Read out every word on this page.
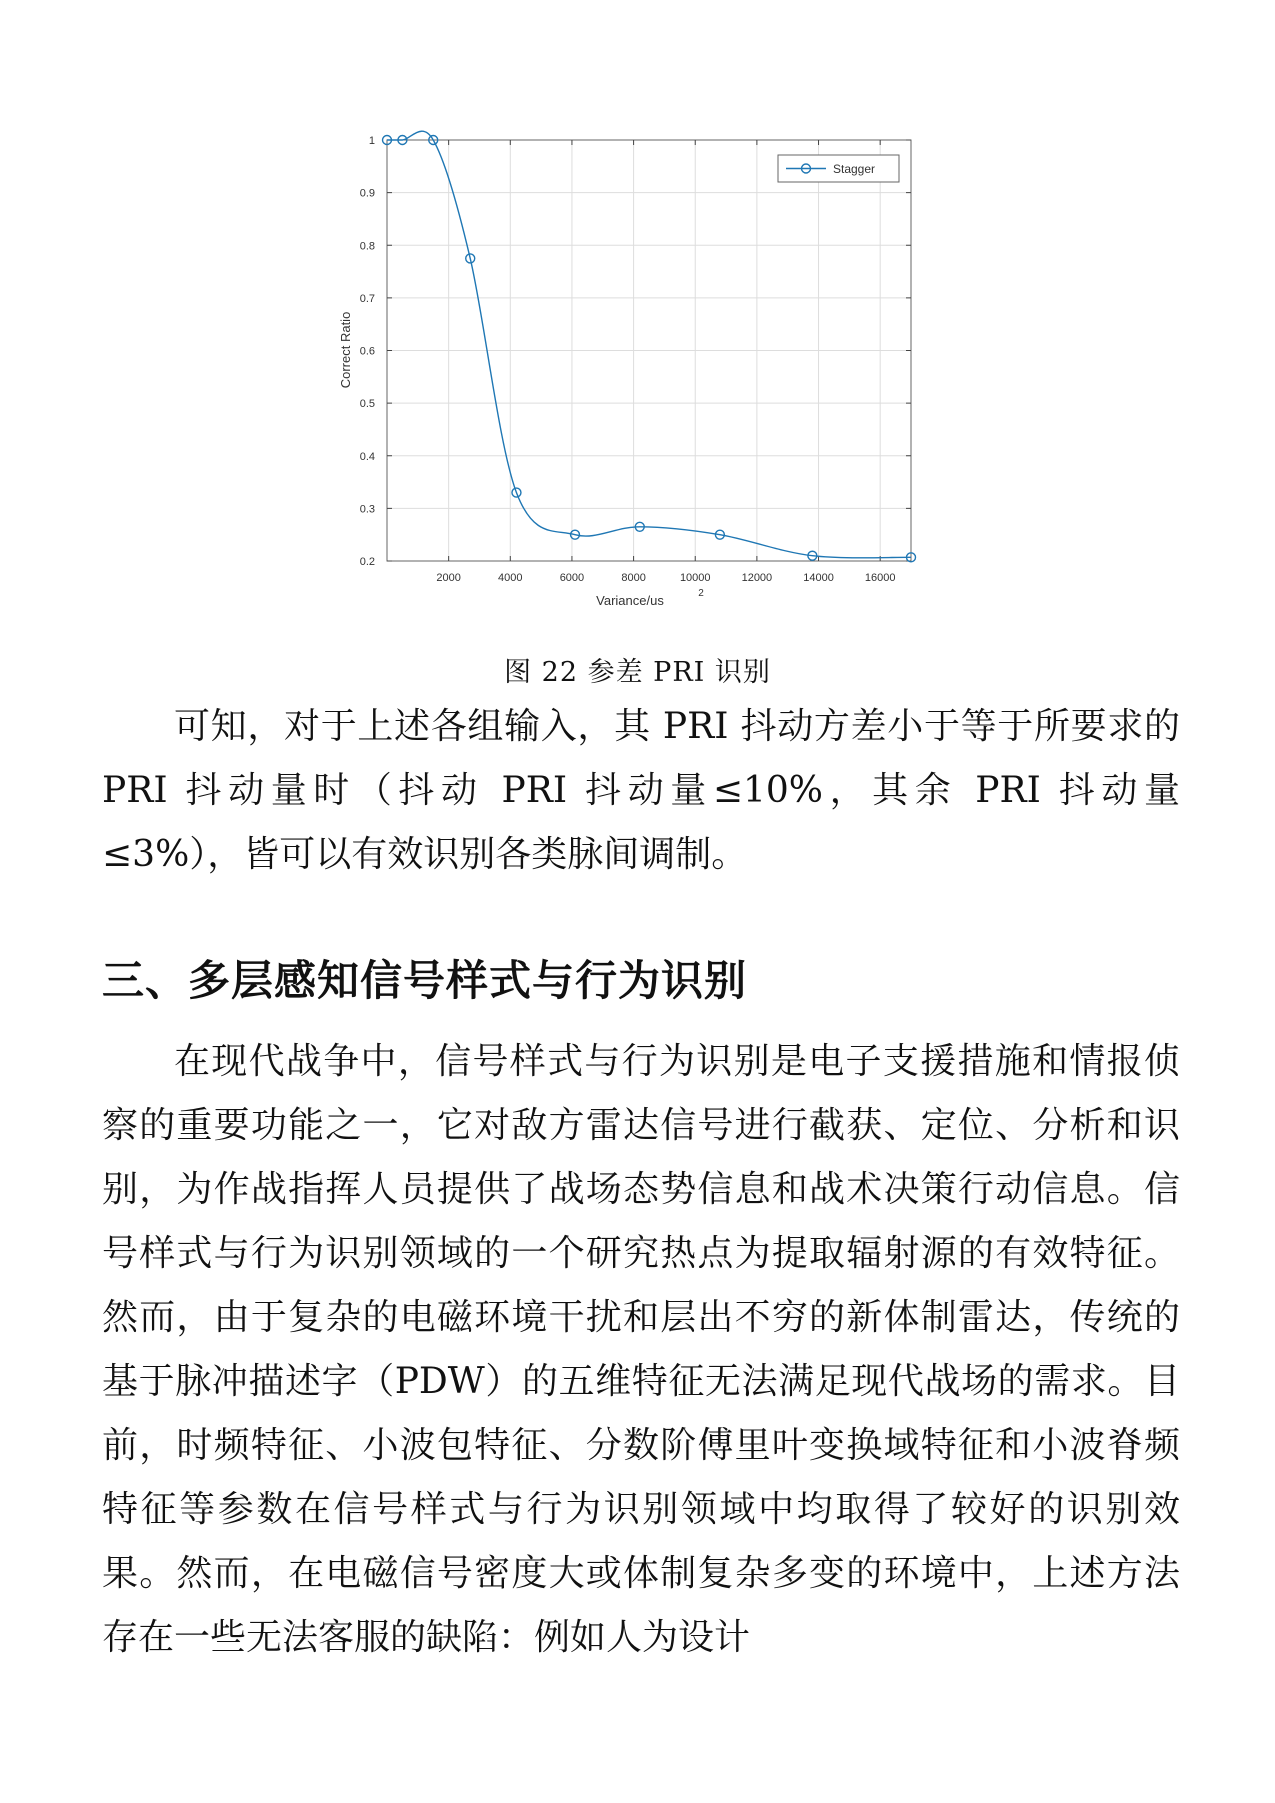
0.2
0.3
0.4
0.5
0.6
0.7
0.8
0.9
1
2000	4000	6000	8000	10000	12000	14000	16000
Correct Ratio
Variance/us	2
Stagger
图 22 参差 PRI 识别

可知，对于上述各组输入，其 PRI 抖动方差小于等于所要求的 PRI 抖动量时（抖动 PRI 抖动量≤10%，其余 PRI 抖动量≤3%），皆可以有效识别各类脉间调制。

三、多层感知信号样式与行为识别

在现代战争中，信号样式与行为识别是电子支援措施和情报侦察的重要功能之一，它对敌方雷达信号进行截获、定位、分析和识别，为作战指挥人员提供了战场态势信息和战术决策行动信息。信号样式与行为识别领域的一个研究热点为提取辐射源的有效特征。然而，由于复杂的电磁环境干扰和层出不穷的新体制雷达，传统的基于脉冲描述字（PDW）的五维特征无法满足现代战场的需求。目前，时频特征、小波包特征、分数阶傅里叶变换域特征和小波脊频特征等参数在信号样式与行为识别领域中均取得了较好的识别效果。然而，在电磁信号密度大或体制复杂多变的环境中，上述方法存在一些无法客服的缺陷：例如人为设计
